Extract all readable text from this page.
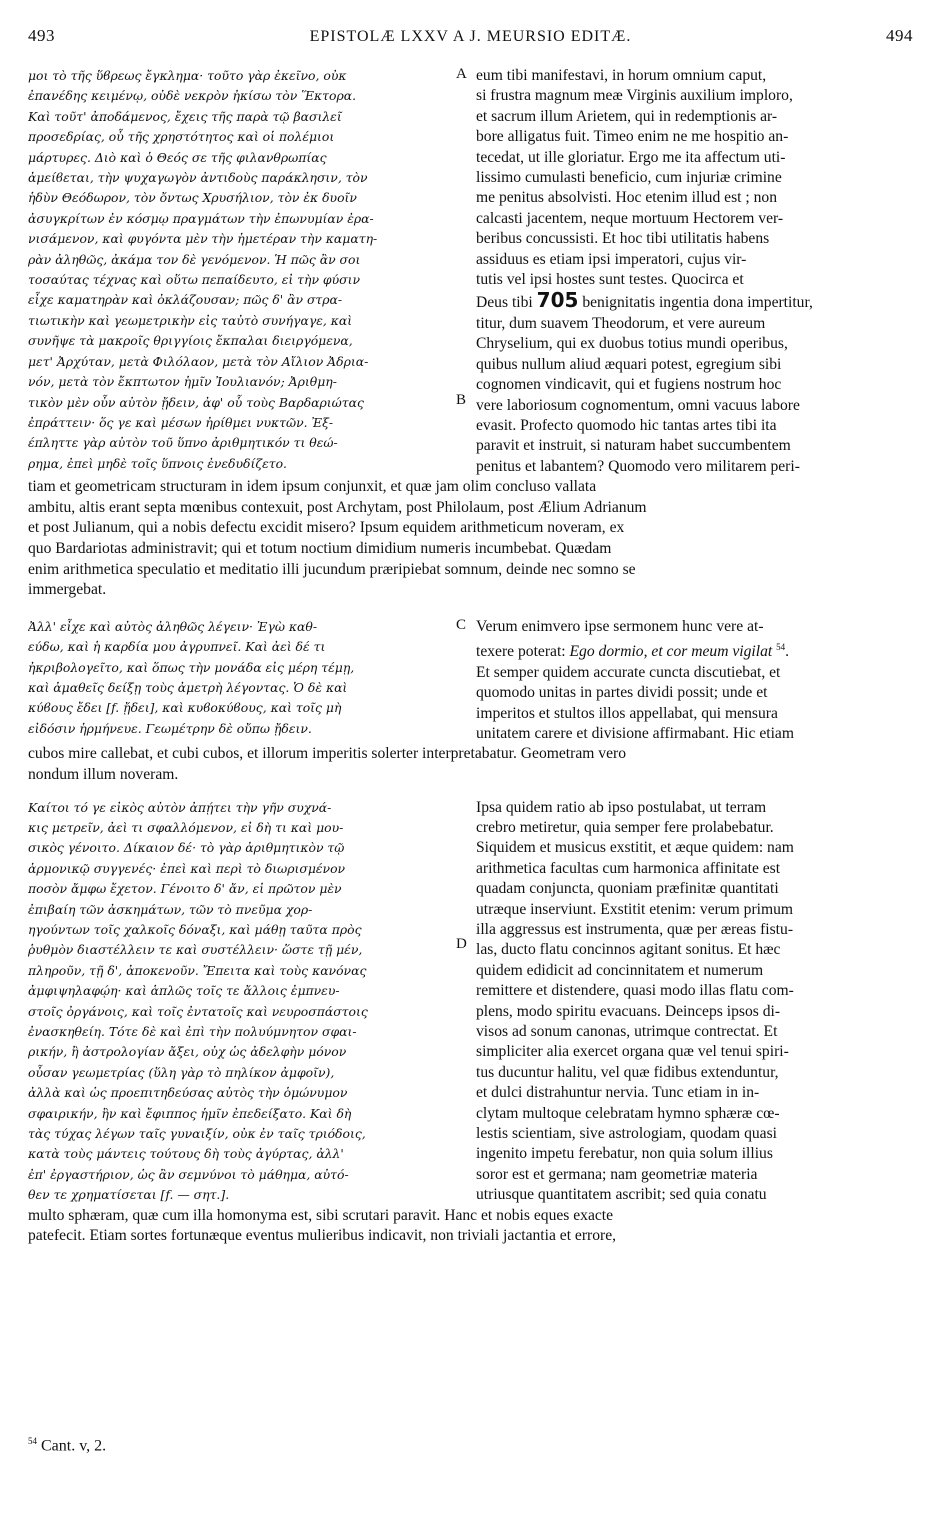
493	EPISTOLÆ LXXV A J. MEURSIO EDITÆ.	494
μοι τὸ τῆς ὕϐρεως ἔγκλημα· τοῦτο γὰρ ἐκεῖνο, οὐκ
ἐπανέδης κειμένῳ, οὐδὲ νεκρὸν ἠκίσω τὸν Ἕκτορα.
Καὶ τοῦτ' ἀποδάμενος, ἔχεις τῆς παρὰ τῷ βασιλεῖ
προσεδρίας, οὗ τῆς χρηστότητος καὶ οἱ πολέμιοι
μάρτυρες. Διὸ καὶ ὁ Θεός σε τῆς φιλανθρωπίας
ἀμείϐεται, τὴν ψυχαγωγὸν ἀντιδοὺς παράκλησιν, τὸν
ἡδὺν Θεόδωρον, τὸν ὄντως Χρυσήλιον, τὸν ἐκ δυοῖν
ἀσυγκρίτων ἐν κόσμῳ πραγμάτων τὴν ἐπωνυμίαν ἐρα-
νισάμενον, καὶ φυγόντα μὲν τὴν ἡμετέραν τὴν καματη-
ρὰν ἀληθῶς, ἀκάμα τον δὲ γενόμενον. Ἡ πῶς ἂν σοι
τοσαύτας τέχνας καὶ οὕτω πεπαίδευτο, εἰ τὴν φύσιν
εἶχε καματηρὰν καὶ ὀκλάζουσαν; πῶς δ' ἂν στρα-
τιωτικὴν καὶ γεωμετρικὴν εἰς ταὐτὸ συνήγαγε, καὶ
συνῆψε τὰ μακροῖς θριγγίοις ἔκπαλαι διειργόμενα,
μετ' Ἀρχύταν, μετὰ Φιλόλαον, μετὰ τὸν Αἴλιον Ἀδρια-
νόν, μετὰ τὸν ἔκπτωτον ἡμῖν Ἰουλιανόν; Ἀριθμη-
τικὸν μὲν οὖν αὐτὸν ᾔδειν, ἀφ' οὗ τοὺς Βαρδαριώτας
ἐπράττειν· ὅς γε καὶ μέσων ἠρίθμει νυκτῶν. Ἐξ-
έπληττε γὰρ αὐτὸν τοῦ ὕπνο ἀριθμητικόν τι θεώ-
ρημα, ἐπεὶ μηδὲ τοῖς ὕπνοις ἐνεδυδίζετο.
eum tibi manifestavi, in horum omnium caput,
si frustra magnum meæ Virginis auxilium imploro,
et sacrum illum Arietem, qui in redemptionis ar-
bore alligatus fuit. Timeo enim ne me hospitio an-
tecedat, ut ille gloriatur. Ergo me ita affectum uti-
lissimo cumulasti beneficio, cum injuriæ crimine
me penitus absolvisti. Hoc etenim illud est ; non
calcasti jacentem, neque mortuum Hectorem ver-
beribus concussisti. Et hoc tibi utilitatis habens
assiduus es etiam ipsi imperatori, cujus vir-
tutis vel ipsi hostes sunt testes. Quocirca et
Deus tibi 705 benignitatis ingentia dona impertitur,
titur, dum suavem Theodorum, et vere aureum
Chryselium, qui ex duobus totius mundi operibus,
quibus nullum aliud æquari potest, egregium sibi
cognomen vindicavit, qui et fugiens nostrum hoc
vere laboriosum cognomentum, omni vacuus labore
evasit. Profecto quomodo hic tantas artes tibi ita
paravit et instruit, si naturam habet succumbentem
penitus et labantem? Quomodo vero militarem peri-
A
B
tiam et geometricam structuram in idem ipsum conjunxit, et quæ jam olim concluso vallata
ambitu, altis erant septa mœnibus contexuit, post Archytam, post Philolaum, post Ælium Adrianum
et post Julianum, qui a nobis defectu excidit misero? Ipsum equidem arithmeticum noveram, ex
quo Bardariotas administravit; qui et totum noctium dimidium numeris incumbebat. Quædam
enim arithmetica speculatio et meditatio illi jucundum præripiebat somnum, deinde nec somno se
immergebat.
Ἀλλ' εἶχε καὶ αὐτὸς ἀληθῶς λέγειν· Ἐγὼ καθ-
εύδω, καὶ ἡ καρδία μου ἀγρυπνεῖ. Καὶ ἀεὶ δέ τι
ἠκριβολογεῖτο, καὶ ὅπως τὴν μονάδα εἰς μέρη τέμῃ,
καὶ ἀμαθεῖς δείξῃ τοὺς ἀμετρὴ λέγοντας. Ὁ δὲ καὶ
κύϐους ἔδει [f. ᾔδει], καὶ κυϐοκύϐους, καὶ τοῖς μὴ
εἰδόσιν ἡρμήνευε. Γεωμέτρην δὲ οὔπω ᾔδειν.
Verum enimvero ipse sermonem hunc vere at-
texere poterat: Ego dormio, et cor meum vigilat $^{54}$.
Et semper quidem accurate cuncta discutiebat, et
quomodo unitas in partes dividi possit; unde et
imperitos et stultos illos appellabat, qui mensura
unitatem carere et divisione affirmabant. Hic etiam
C
cubos mire callebat, et cubi cubos, et illorum imperitis solerter interpretabatur. Geometram vero
nondum illum noveram.
Καίτοι τό γε εἰκὸς αὐτὸν ἀπῄτει τὴν γῆν συχνά-
κις μετρεῖν, ἀεὶ τι σφαλλόμενον, εἰ δὴ τι καὶ μου-
σικὸς γένοιτο. Δίκαιον δέ· τὸ γὰρ ἀριθμητικὸν τῷ
ἁρμονικῷ συγγενές· ἐπεὶ καὶ περὶ τὸ διωρισμένον
ποσὸν ἄμφω ἔχετον. Γένοιτο δ' ἄν, εἰ πρῶτον μὲν
ἐπιβαίη τῶν ἀσκημάτων, τῶν τὸ πνεῦμα χορ-
ηγούντων τοῖς χαλκοῖς δόναξι, καὶ μάθῃ ταῦτα πρὸς
ῥυθμὸν διαστέλλειν τε καὶ συστέλλειν· ὥστε τῇ μέν,
πληροῦν, τῇ δ', ἀποκενοῦν. Ἔπειτα καὶ τοὺς κανόνας
ἀμφιψηλαφῴη· καὶ ἁπλῶς τοῖς τε ἄλλοις ἐμπνευ-
στοῖς ὀργάνοις, καὶ τοῖς ἐντατοῖς καὶ νευροσπάστοις
ἐνασκηθείη. Τότε δὲ καὶ ἐπὶ τὴν πολυύμνητον σφαι-
ρικήν, ἢ ἀστρολογίαν ἄξει, οὐχ ὡς ἀδελφὴν μόνον
οὖσαν γεωμετρίας (ὕλη γὰρ τὸ πηλίκον ἀμφοῖν),
ἀλλὰ καὶ ὡς προεπιτηδεύσας αὐτὸς τὴν ὁμώνυμον
σφαιρικήν, ἣν καὶ ἔφιππος ἡμῖν ἐπεδείξατο. Καὶ δὴ
τὰς τύχας λέγων ταῖς γυναιξίν, οὐκ ἐν ταῖς τριόδοις,
κατὰ τοὺς μάντεις τούτους δὴ τοὺς ἀγύρτας, ἀλλ'
ἐπ' ἐργαστήριον, ὡς ἂν σεμνύνοι τὸ μάθημα, αὐτό-
θεν τε χρηματίσεται [f. — σητ.].
Ipsa quidem ratio ab ipso postulabat, ut terram
crebro metiretur, quia semper fere prolabebatur.
Siquidem et musicus exstitit, et æque quidem: nam
arithmetica facultas cum harmonica affinitate est
quadam conjuncta, quoniam præfinitæ quantitati
utræque inserviunt. Exstitit etenim: verum primum
illa aggressus est instrumenta, quæ per æreas fistu-
las, ducto flatu concinnos agitant sonitus. Et hæc
quidem edidicit ad concinnitatem et numerum
remittere et distendere, quasi modo illas flatu com-
plens, modo spiritu evacuans. Deinceps ipsos di-
visos ad sonum canonas, utrimque contrectat. Et
simpliciter alia exercet organa quæ vel tenui spiri-
tus ducuntur halitu, vel quæ fidibus extenduntur,
et dulci distrahuntur nervia. Tunc etiam in in-
clytam multoque celebratam hymno sphæræ cœ-
lestis scientiam, sive astrologiam, quodam quasi
ingenito impetu ferebatur, non quia solum illius
soror est et germana; nam geometriæ materia
utriusque quantitatem ascribit; sed quia conatu
D
multo sphæram, quæ cum illa homonyma est, sibi scrutari paravit. Hanc et nobis eques exacte
patefecit. Etiam sortes fortunæque eventus mulieribus indicavit, non triviali jactantia et errore,
$^{54}$ Cant. v, 2.
